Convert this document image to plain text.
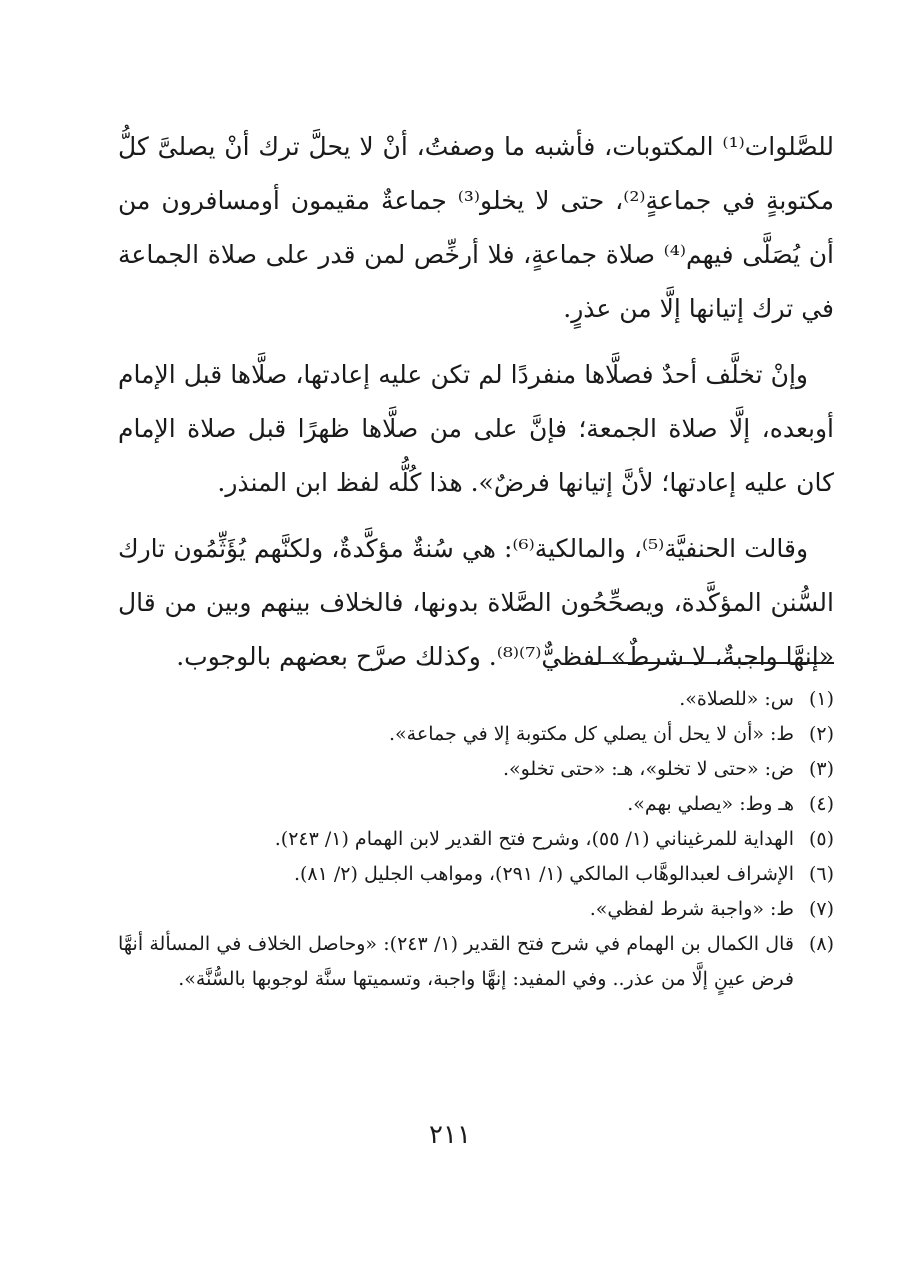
للصَّلوات⁽¹⁾ المكتوبات، فأشبه ما وصفتُ، أنْ لا يحلَّ ترك أنْ يصلىَّ كلُّ مكتوبةٍ في جماعةٍ⁽²⁾، حتى لا يخلو⁽³⁾ جماعةٌ مقيمون أومسافرون من أن يُصَلَّى فيهم⁽⁴⁾ صلاة جماعةٍ، فلا أرخِّص لمن قدر على صلاة الجماعة في ترك إتيانها إلَّا من عذرٍ.

وإنْ تخلَّف أحدٌ فصلَّاها منفردًا لم تكن عليه إعادتها، صلَّاها قبل الإمام أوبعده، إلَّا صلاة الجمعة؛ فإنَّ على من صلَّاها ظهرًا قبل صلاة الإمام كان عليه إعادتها؛ لأنَّ إتيانها فرضٌ». هذا كُلُّه لفظ ابن المنذر.

وقالت الحنفيَّة⁽⁵⁾، والمالكية⁽⁶⁾: هي سُنةٌ مؤكَّدةٌ، ولكنَّهم يُؤَثِّمُون تارك السُّنن المؤكَّدة، ويصحِّحُون الصَّلاة بدونها، فالخلاف بينهم وبين من قال «إنهَّا واجبةٌ، لا شرطٌ» لفظيٌّ⁽⁷⁾⁽⁸⁾. وكذلك صرَّح بعضهم بالوجوب.

(١)
س: «للصلاة».
(٢)
ط: «أن لا يحل أن يصلي كل مكتوبة إلا في جماعة».
(٣)
ض: «حتى لا تخلو»، هـ: «حتى تخلو».
(٤)
هـ وط: «يصلي بهم».
(٥)
الهداية للمرغيناني (١/ ٥٥)، وشرح فتح القدير لابن الهمام (١/ ٢٤٣).
(٦)
الإشراف لعبدالوهَّاب المالكي (١/ ٢٩١)، ومواهب الجليل (٢/ ٨١).
(٧)
ط: «واجبة شرط لفظي».
(٨)
قال الكمال بن الهمام في شرح فتح القدير (١/ ٢٤٣): «وحاصل الخلاف في المسألة أنهَّا فرض عينٍ إلَّا من عذر.. وفي المفيد: إنهَّا واجبة، وتسميتها سنَّة لوجوبها بالسُّنَّة».
٢١١
